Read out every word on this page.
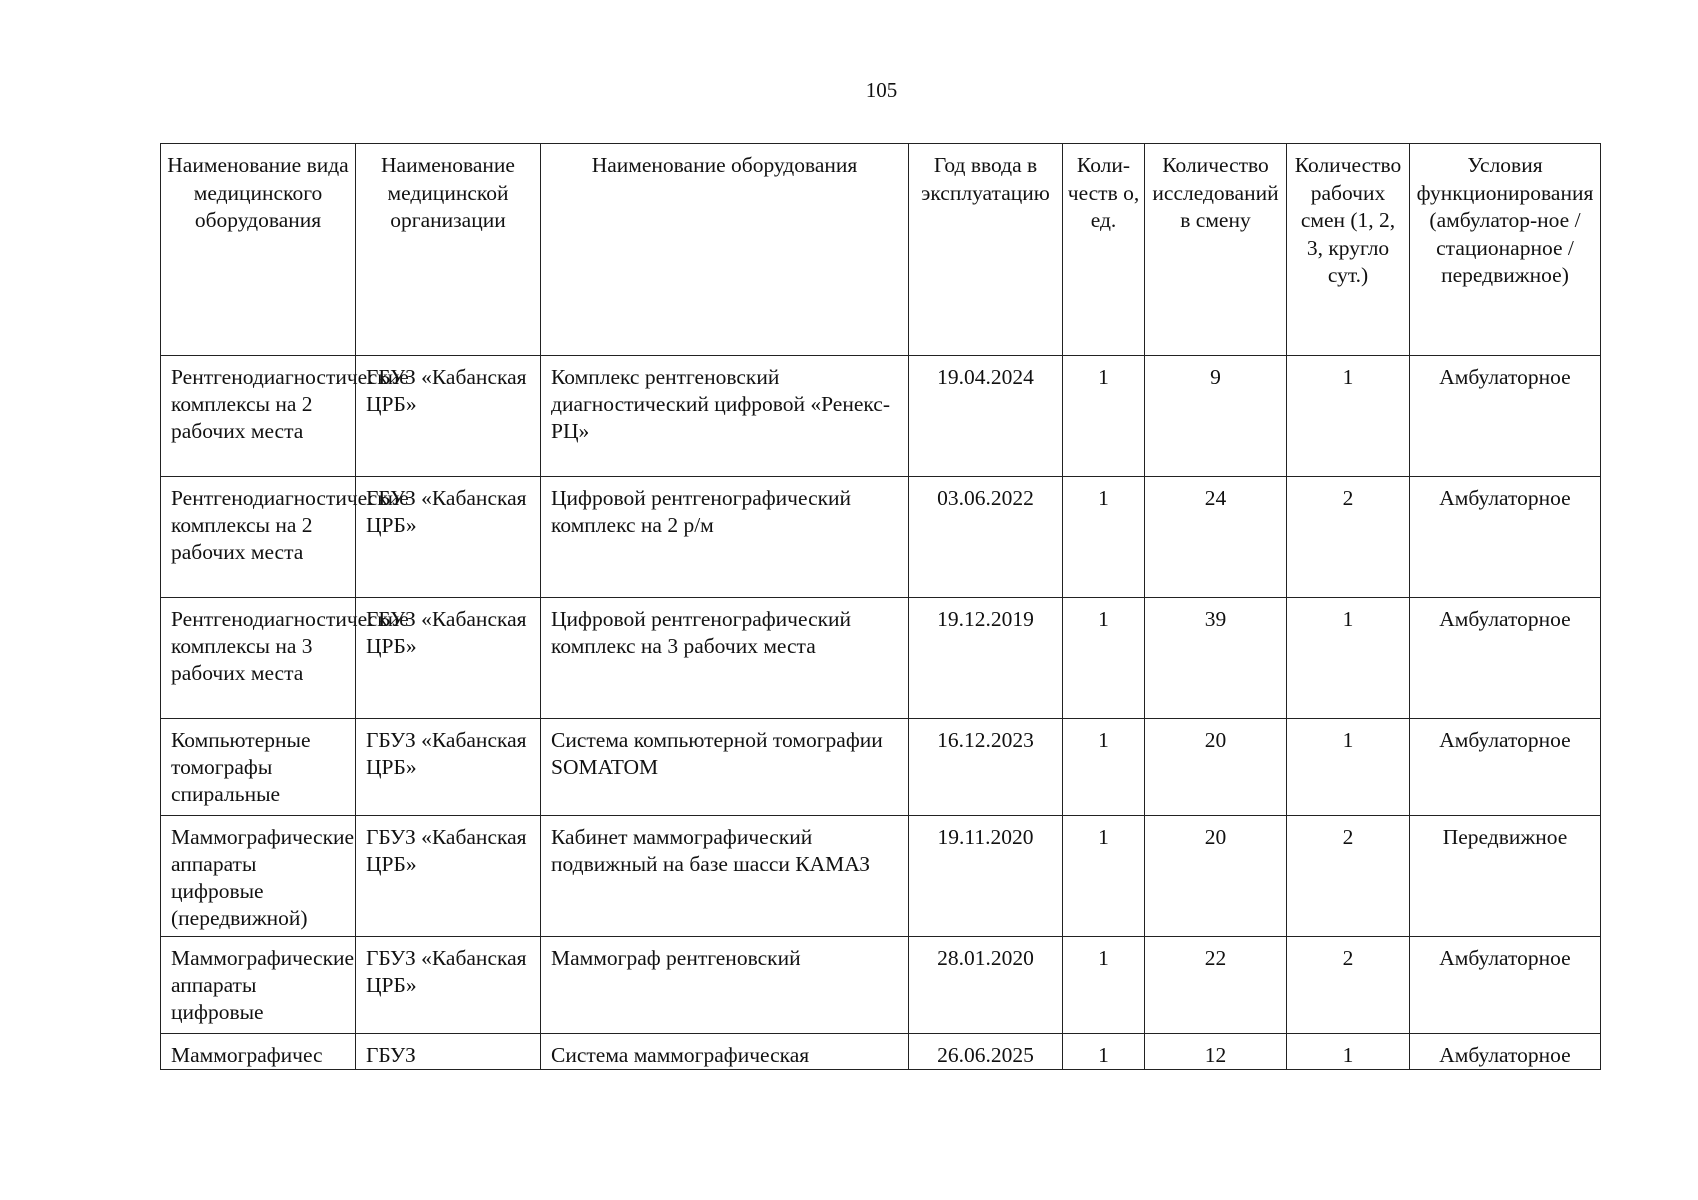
105
Наименование вида медицинского оборудования	Наименование медицинской организации	Наименование оборудования	Год ввода в эксплуатацию	Коли-честв о, ед.	Количество исследований в смену	Количество рабочих смен (1, 2, 3, кругло сут.)	Условия функционирования (амбулатор-ное / стационарное / передвижное)
Рентгенодиагностические комплексы на 2 рабочих места	ГБУЗ «Кабанская ЦРБ»	Комплекс рентгеновский диагностический цифровой «Ренекс-РЦ»	19.04.2024	1	9	1	Амбулаторное
Рентгенодиагностические комплексы на 2 рабочих места	ГБУЗ «Кабанская ЦРБ»	Цифровой рентгенографический комплекс на 2 р/м	03.06.2022	1	24	2	Амбулаторное
Рентгенодиагностические комплексы на 3 рабочих места	ГБУЗ «Кабанская ЦРБ»	Цифровой рентгенографический комплекс на 3 рабочих места	19.12.2019	1	39	1	Амбулаторное
Компьютерные томографы спиральные	ГБУЗ «Кабанская ЦРБ»	Система компьютерной томографии SOMATOM	16.12.2023	1	20	1	Амбулаторное
Маммографические аппараты цифровые (передвижной)	ГБУЗ «Кабанская ЦРБ»	Кабинет маммографический подвижный на базе шасси КАМАЗ	19.11.2020	1	20	2	Передвижное
Маммографические аппараты цифровые	ГБУЗ «Кабанская ЦРБ»	Маммограф рентгеновский	28.01.2020	1	22	2	Амбулаторное
Маммографичес	ГБУЗ	Система маммографическая	26.06.2025	1	12	1	Амбулаторное
